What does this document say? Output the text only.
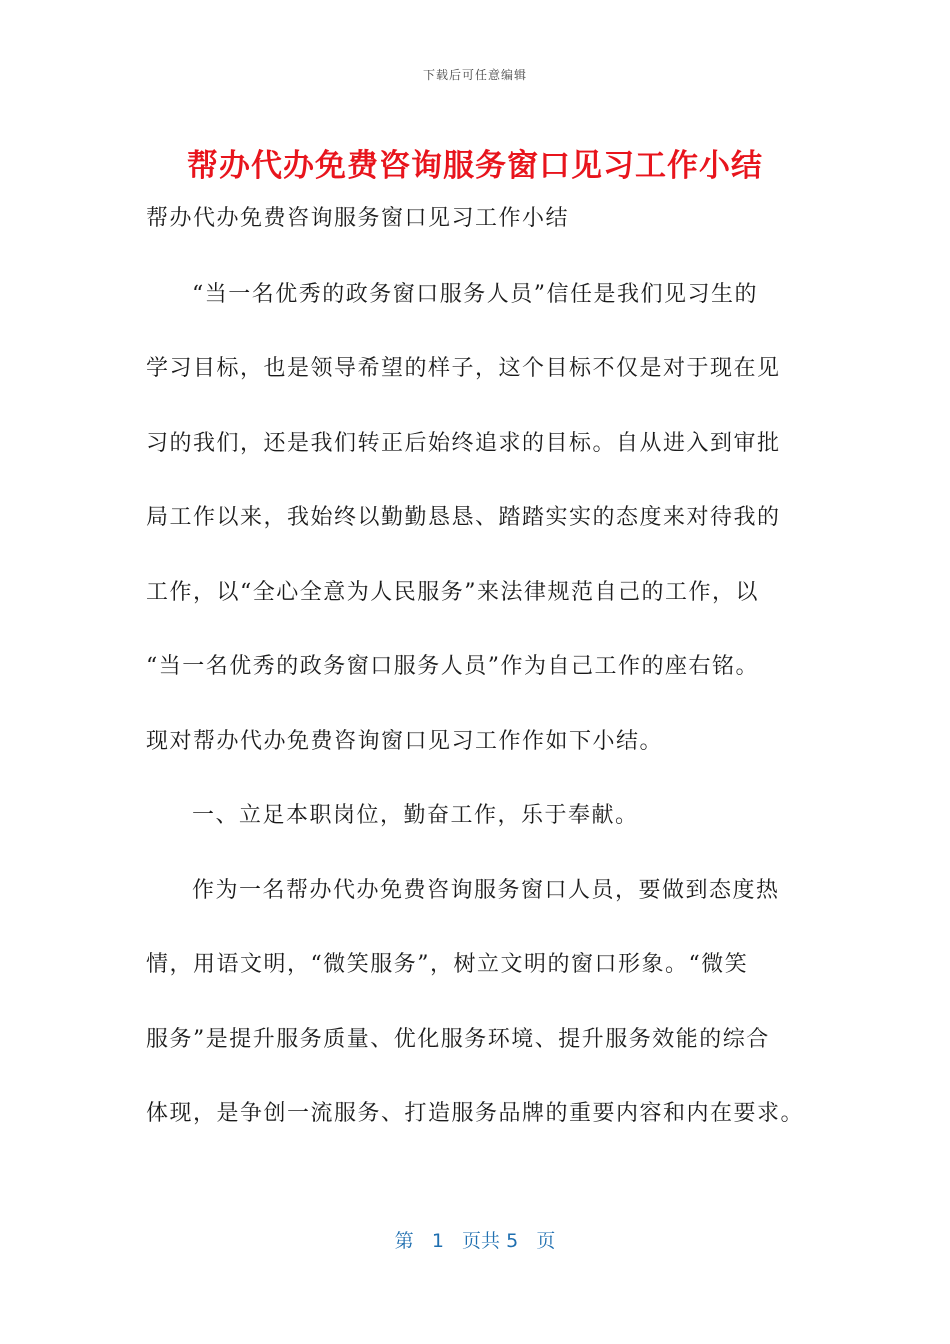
下载后可任意编辑
帮办代办免费咨询服务窗口见习工作小结
帮办代办免费咨询服务窗口见习工作小结
“当一名优秀的政务窗口服务人员”信任是我们见习生的
学习目标，也是领导希望的样子，这个目标不仅是对于现在见
习的我们，还是我们转正后始终追求的目标。自从进入到审批
局工作以来，我始终以勤勤恳恳、踏踏实实的态度来对待我的
工作，以“全心全意为人民服务”来法律规范自己的工作，以
“当一名优秀的政务窗口服务人员”作为自己工作的座右铭。
现对帮办代办免费咨询窗口见习工作作如下小结。
一、立足本职岗位，勤奋工作，乐于奉献。
作为一名帮办代办免费咨询服务窗口人员，要做到态度热
情，用语文明，“微笑服务”，树立文明的窗口形象。“微笑
服务”是提升服务质量、优化服务环境、提升服务效能的综合
体现，是争创一流服务、打造服务品牌的重要内容和内在要求。
第 1 页共 5 页
